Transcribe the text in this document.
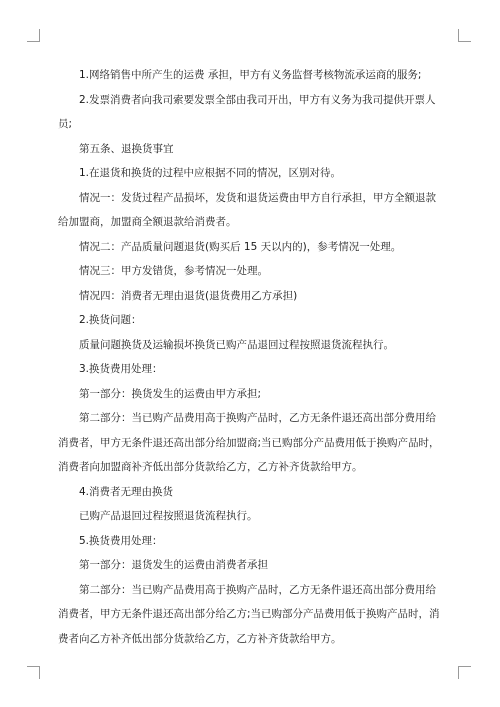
1.网络销售中所产生的运费 承担，甲方有义务监督考核物流承运商的服务;

2.发票消费者向我司索要发票全部由我司开出，甲方有义务为我司提供开票人员;

第五条、退换货事宜

1.在退货和换货的过程中应根据不同的情况，区别对待。

情况一：发货过程产品损坏，发货和退货运费由甲方自行承担，甲方全额退款给加盟商，加盟商全额退款给消费者。

情况二：产品质量问题退货(购买后 15 天以内的)，参考情况一处理。

情况三：甲方发错货，参考情况一处理。

情况四：消费者无理由退货(退货费用乙方承担)

2.换货问题：

质量问题换货及运输损坏换货已购产品退回过程按照退货流程执行。

3.换货费用处理：

第一部分：换货发生的运费由甲方承担;

第二部分：当已购产品费用高于换购产品时，乙方无条件退还高出部分费用给消费者，甲方无条件退还高出部分给加盟商;当已购部分产品费用低于换购产品时，消费者向加盟商补齐低出部分货款给乙方，乙方补齐货款给甲方。

4.消费者无理由换货

已购产品退回过程按照退货流程执行。

5.换货费用处理：

第一部分：退货发生的运费由消费者承担

第二部分：当已购产品费用高于换购产品时，乙方无条件退还高出部分费用给消费者，甲方无条件退还高出部分给乙方;当已购部分产品费用低于换购产品时，消费者向乙方补齐低出部分货款给乙方，乙方补齐货款给甲方。
